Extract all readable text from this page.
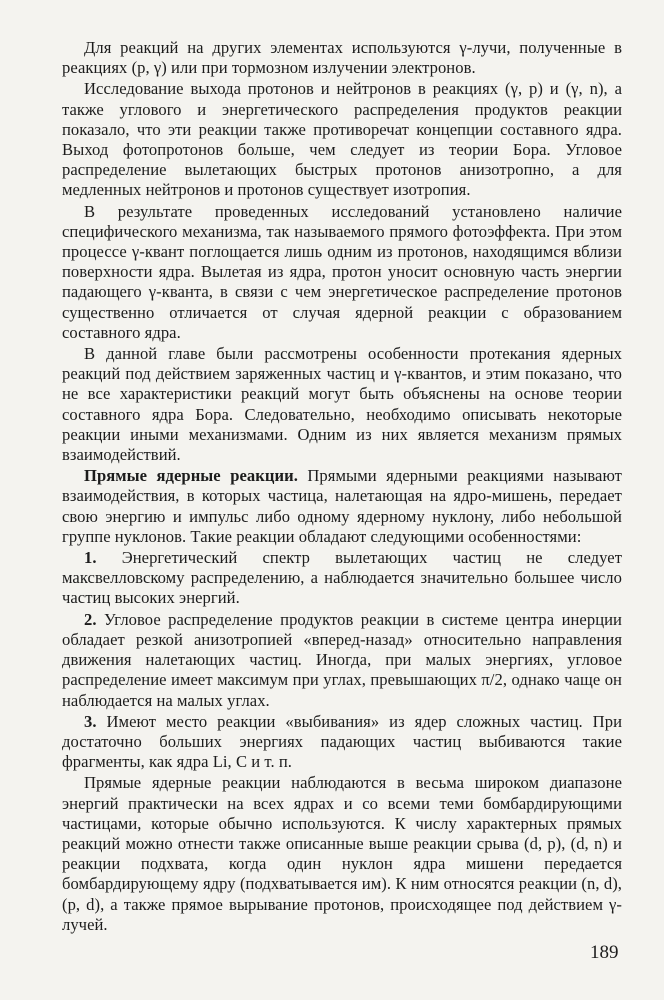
Для реакций на других элементах используются γ-лучи, полученные в реакциях (p, γ) или при тормозном излучении электронов.

Исследование выхода протонов и нейтронов в реакциях (γ, p) и (γ, n), а также углового и энергетического распределения продуктов реакции показало, что эти реакции также противоречат концепции составного ядра. Выход фотопротонов больше, чем следует из теории Бора. Угловое распределение вылетающих быстрых протонов анизотропно, а для медленных нейтронов и протонов существует изотропия.

В результате проведенных исследований установлено наличие специфического механизма, так называемого прямого фотоэффекта. При этом процессе γ-квант поглощается лишь одним из протонов, находящимся вблизи поверхности ядра. Вылетая из ядра, протон уносит основную часть энергии падающего γ-кванта, в связи с чем энергетическое распределение протонов существенно отличается от случая ядерной реакции с образованием составного ядра.

В данной главе были рассмотрены особенности протекания ядерных реакций под действием заряженных частиц и γ-квантов, и этим показано, что не все характеристики реакций могут быть объяснены на основе теории составного ядра Бора. Следовательно, необходимо описывать некоторые реакции иными механизмами. Одним из них является механизм прямых взаимодействий.

Прямые ядерные реакции. Прямыми ядерными реакциями называют взаимодействия, в которых частица, налетающая на ядро-мишень, передает свою энергию и импульс либо одному ядерному нуклону, либо небольшой группе нуклонов. Такие реакции обладают следующими особенностями:

1. Энергетический спектр вылетающих частиц не следует максвелловскому распределению, а наблюдается значительно большее число частиц высоких энергий.

2. Угловое распределение продуктов реакции в системе центра инерции обладает резкой анизотропией «вперед-назад» относительно направления движения налетающих частиц. Иногда, при малых энергиях, угловое распределение имеет максимум при углах, превышающих π/2, однако чаще он наблюдается на малых углах.

3. Имеют место реакции «выбивания» из ядер сложных частиц. При достаточно больших энергиях падающих частиц выбиваются такие фрагменты, как ядра Li, C и т. п.

Прямые ядерные реакции наблюдаются в весьма широком диапазоне энергий практически на всех ядрах и со всеми теми бомбардирующими частицами, которые обычно используются. К числу характерных прямых реакций можно отнести также описанные выше реакции срыва (d, p), (d, n) и реакции подхвата, когда один нуклон ядра мишени передается бомбардирующему ядру (подхватывается им). К ним относятся реакции (n, d), (p, d), а также прямое вырывание протонов, происходящее под действием γ-лучей.

189
